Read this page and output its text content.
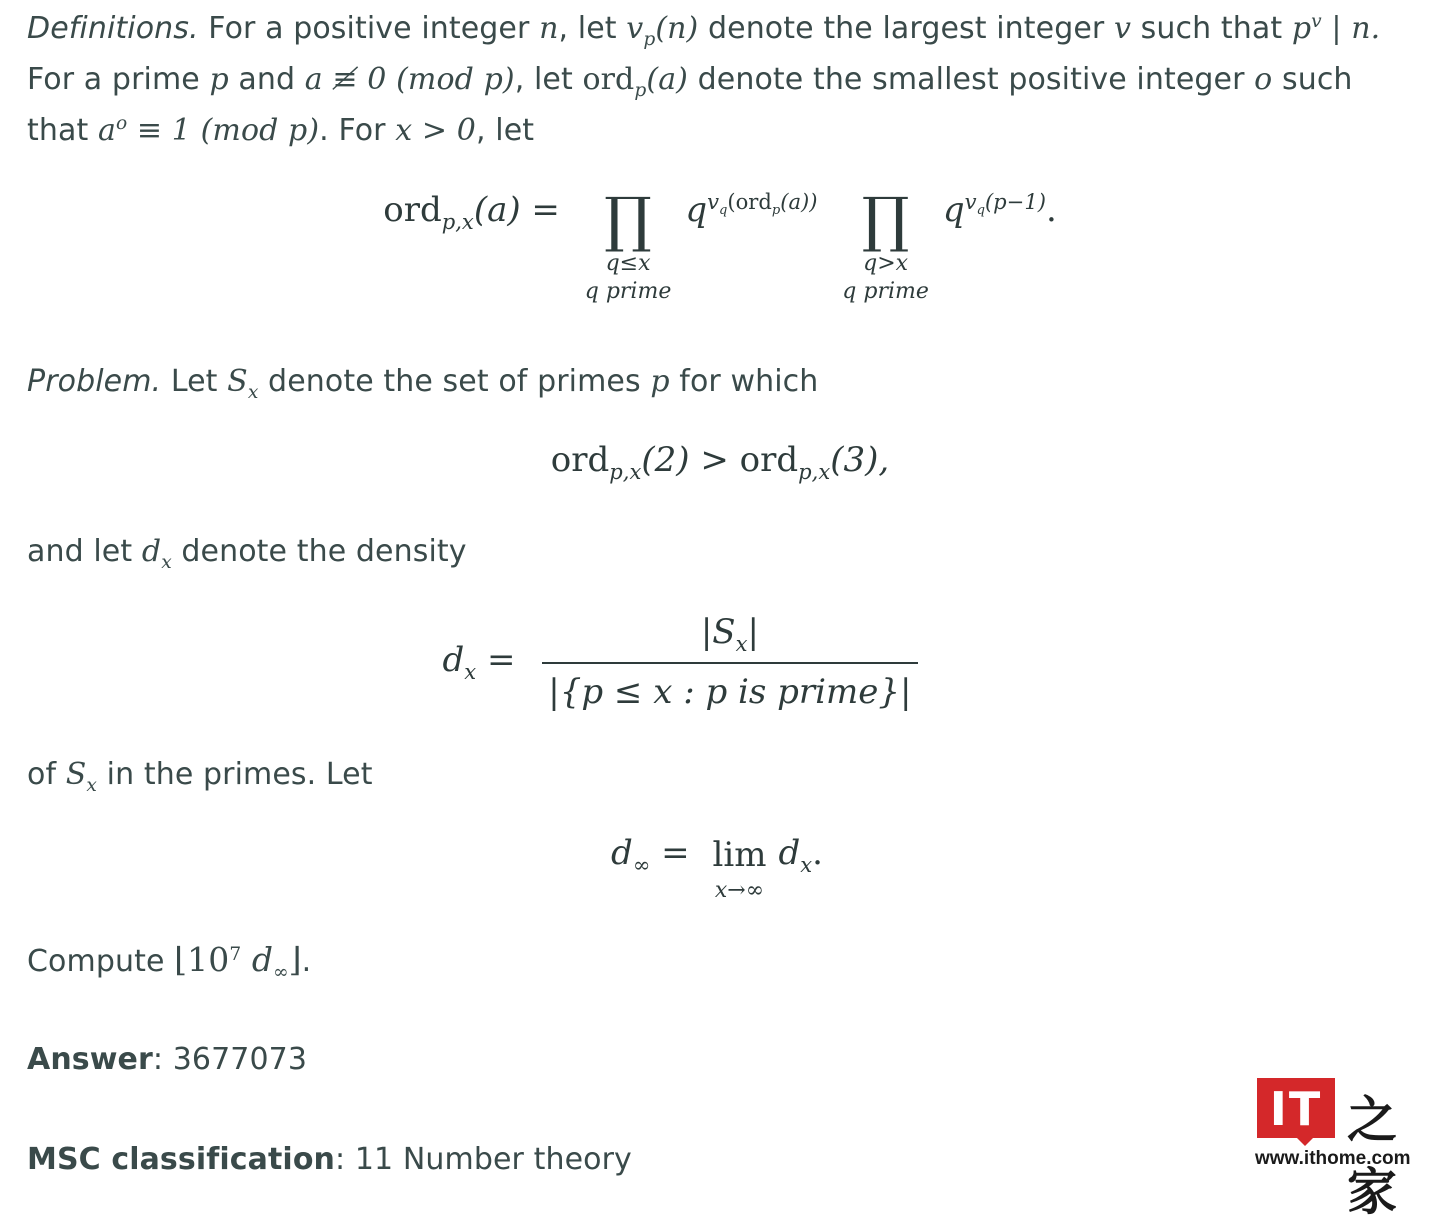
Definitions. For a positive integer n, let $v_p(n)$ denote the largest integer v such that $p^v$ | n.
For a prime p and a ≢ 0 (mod p), let ord$_p$(a) denote the smallest positive integer o such
that $a^o \equiv 1$ (mod p). For x > 0, let
ord$_{p,x}$(a) = ∏
q≤x
q prime
$q^{v_q(ord_p(a))}$ ∏
q>x
q prime
$q^{v_q(p-1)}$.
Problem. Let $S_x$ denote the set of primes p for which
ord$_{p,x}$(2) > ord$_{p,x}$(3),
and let $d_x$ denote the density
$d_x = \frac{|S_x|}{\text{|\{p ≤ x : p is prime\}|}}$
of $S_x$ in the primes. Let
$d_\infty = \lim$
x→∞
$d_x$.
Compute $⌊10^7$ $d_\infty⌋$.
Answer: 3677073
MSC classification: 11 Number theory
IT 之家
www.ithome.com
